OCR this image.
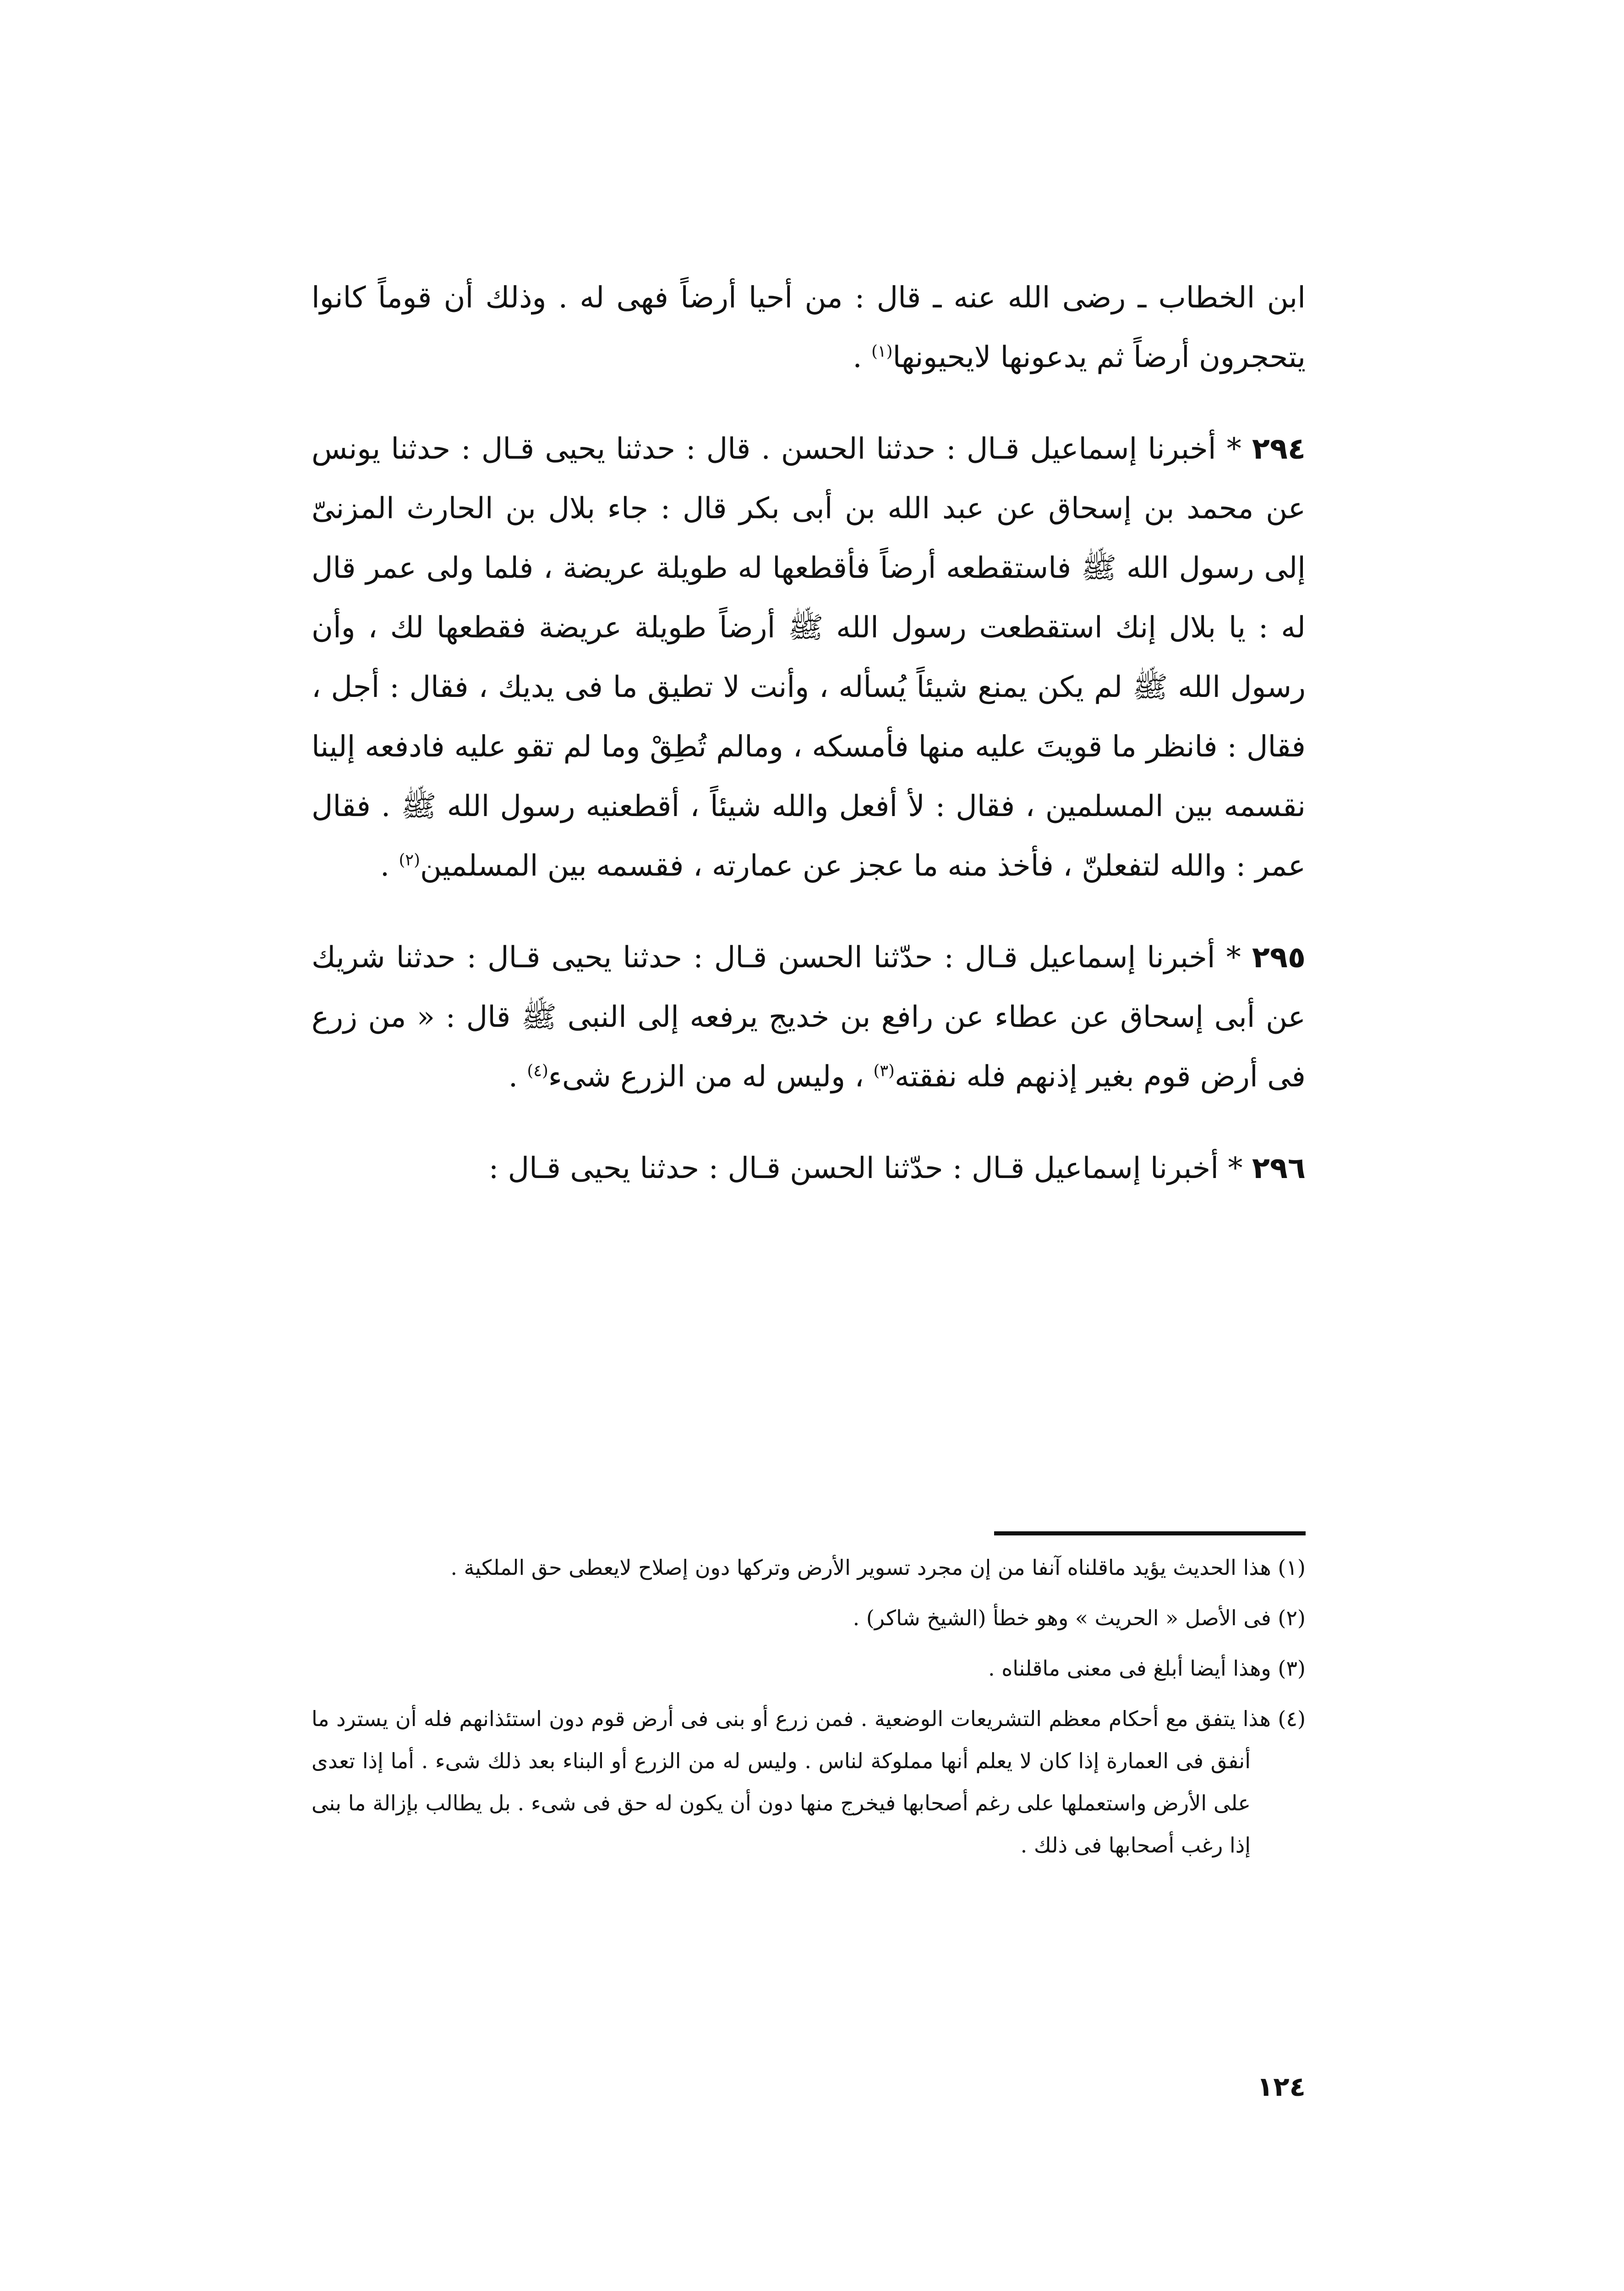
ابن الخطاب ـ رضى الله عنه ـ قال : من أحيا أرضاً فهى له . وذلك أن قوماً كانوا يتحجرون أرضاً ثم يدعونها لايحيونها$^{(١)}$ .

٢٩٤ * أخبرنا إسماعيل قـال : حدثنا الحسن . قال : حدثنا يحيى قـال : حدثنا يونس عن محمد بن إسحاق عن عبد الله بن أبى بكر قال : جاء بلال بن الحارث المزنىّ إلى رسول الله ﷺ فاستقطعه أرضاً فأقطعها له طويلة عريضة ، فلما ولى عمر قال له : يا بلال إنك استقطعت رسول الله ﷺ أرضاً طويلة عريضة فقطعها لك ، وأن رسول الله ﷺ لم يكن يمنع شيئاً يُسأله ، وأنت لا تطيق ما فى يديك ، فقال : أجل ، فقال : فانظر ما قويتَ عليه منها فأمسكه ، ومالم تُطِقْ وما لم تقو عليه فادفعه إلينا نقسمه بين المسلمين ، فقال : لأ أفعل والله شيئاً ، أقطعنيه رسول الله ﷺ . فقال عمر : والله لتفعلنّ ، فأخذ منه ما عجز عن عمارته ، فقسمه بين المسلمين$^{(٢)}$ .

٢٩٥ * أخبرنا إسماعيل قـال : حدّثنا الحسن قـال : حدثنا يحيى قـال : حدثنا شريك عن أبى إسحاق عن عطاء عن رافع بن خديج يرفعه إلى النبى ﷺ قال : « من زرع فى أرض قوم بغير إذنهم فله نفقته$^{(٣)}$ ، وليس له من الزرع شىء$^{(٤)}$ .

٢٩٦ * أخبرنا إسماعيل قـال : حدّثنا الحسن قـال : حدثنا يحيى قـال :

(١) هذا الحديث يؤيد ماقلناه آنفا من إن مجرد تسوير الأرض وتركها دون إصلاح لايعطى حق الملكية .

(٢) فى الأصل « الحريث » وهو خطأ (الشيخ شاكر) .

(٣) وهذا أيضا أبلغ فى معنى ماقلناه .

(٤) هذا يتفق مع أحكام معظم التشريعات الوضعية . فمن زرع أو بنى فى أرض قوم دون استئذانهم فله أن يسترد ما أنفق فى العمارة إذا كان لا يعلم أنها مملوكة لناس . وليس له من الزرع أو البناء بعد ذلك شىء . أما إذا تعدى على الأرض واستعملها على رغم أصحابها فيخرج منها دون أن يكون له حق فى شىء . بل يطالب بإزالة ما بنى إذا رغب أصحابها فى ذلك .

١٢٤
